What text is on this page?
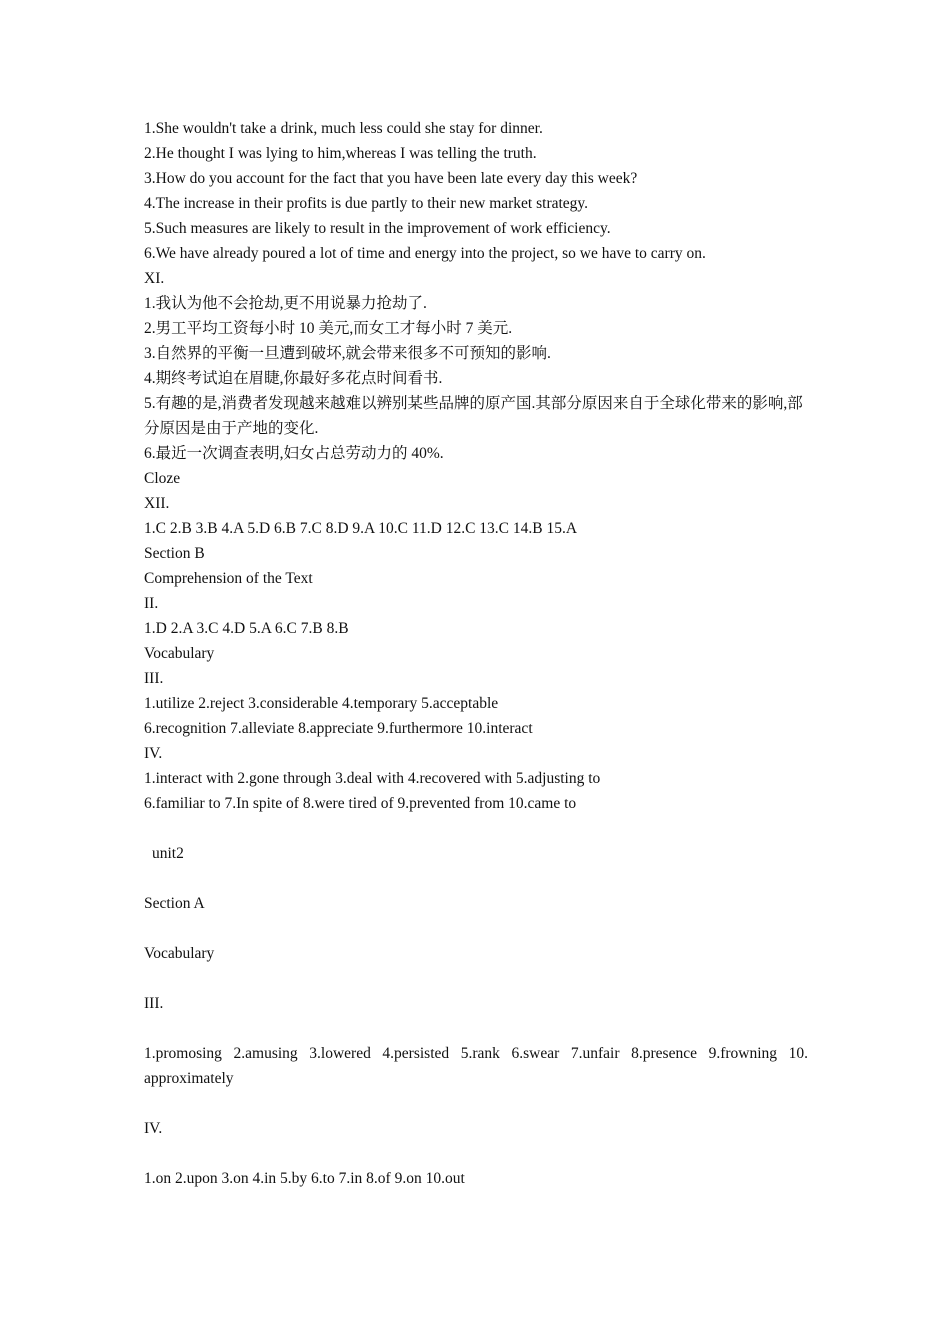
1.She wouldn't take a drink, much less could she stay for dinner.
2.He thought I was lying to him,whereas I was telling the truth.
3.How do you account for the fact that you have been late every day this week?
4.The increase in their profits is due partly to their new market strategy.
5.Such measures are likely to result in the improvement of work efficiency.
6.We have already poured a lot of time and energy into the project, so we have to carry on.
XI.
1.我认为他不会抢劫,更不用说暴力抢劫了.
2.男工平均工资每小时 10 美元,而女工才每小时 7 美元.
3.自然界的平衡一旦遭到破坏,就会带来很多不可预知的影响.
4.期终考试迫在眉睫,你最好多花点时间看书.
5.有趣的是,消费者发现越来越难以辨别某些品牌的原产国.其部分原因来自于全球化带来的影响,部分原因是由于产地的变化.
6.最近一次调查表明,妇女占总劳动力的 40%.
Cloze
XII.
1.C 2.B 3.B 4.A 5.D 6.B 7.C 8.D 9.A 10.C 11.D 12.C 13.C 14.B 15.A
Section B
Comprehension of the Text
II.
1.D 2.A 3.C 4.D 5.A 6.C 7.B 8.B
Vocabulary
III.
1.utilize 2.reject 3.considerable 4.temporary 5.acceptable
6.recognition 7.alleviate 8.appreciate 9.furthermore 10.interact
IV.
1.interact with 2.gone through 3.deal with 4.recovered with 5.adjusting to
6.familiar to 7.In spite of 8.were tired of 9.prevented from 10.came to
unit2
Section A
Vocabulary
III.
1.promosing 2.amusing 3.lowered 4.persisted 5.rank 6.swear 7.unfair 8.presence 9.frowning 10. approximately
IV.
1.on 2.upon 3.on 4.in 5.by 6.to 7.in 8.of 9.on 10.out
